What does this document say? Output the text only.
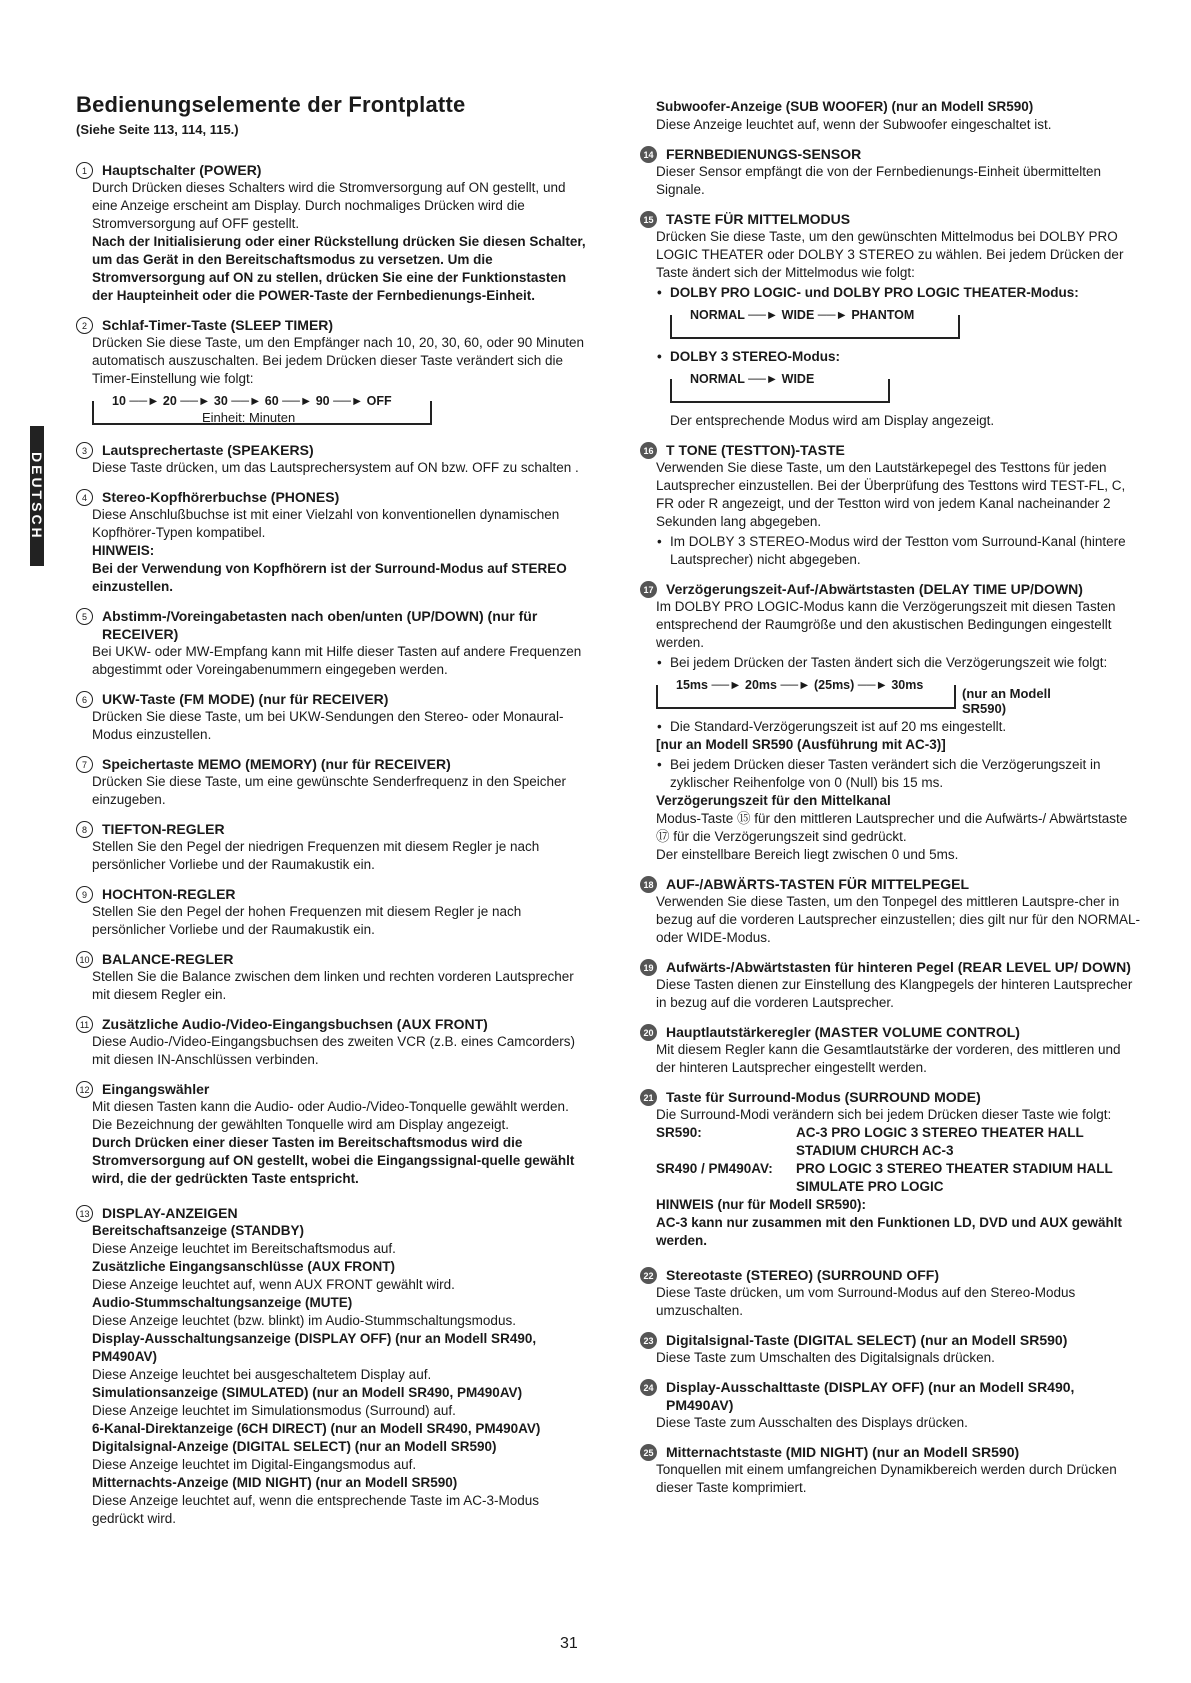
DEUTSCH
Bedienungselemente der Frontplatte

(Siehe Seite 113, 114, 115.)

1	Hauptschalter (POWER)

Durch Drücken dieses Schalters wird die Stromversorgung auf ON gestellt, und eine Anzeige erscheint am Display. Durch nochmaliges Drücken wird die Stromversorgung auf OFF gestellt.

Nach der Initialisierung oder einer Rückstellung drücken Sie diesen Schalter, um das Gerät in den Bereitschaftsmodus zu versetzen. Um die Stromversorgung auf ON zu stellen, drücken Sie eine der Funktionstasten der Haupteinheit oder die POWER-Taste der Fernbedienungs-Einheit.

2	Schlaf-Timer-Taste (SLEEP TIMER)

Drücken Sie diese Taste, um den Empfänger nach 10, 20, 30, 60, oder 90 Minuten automatisch auszuschalten. Bei jedem Drücken dieser Taste verändert sich die Timer-Einstellung wie folgt:

10 ──► 20 ──► 30 ──► 60 ──► 90 ──► OFF
Einheit: Minuten
3	Lautsprechertaste (SPEAKERS)

Diese Taste drücken, um das Lautsprechersystem auf ON bzw. OFF zu schalten .

4	Stereo-Kopfhörerbuchse (PHONES)

Diese Anschlußbuchse ist mit einer Vielzahl von konventionellen dynamischen Kopfhörer-Typen kompatibel.

HINWEIS:

Bei der Verwendung von Kopfhörern ist der Surround-Modus auf STEREO einzustellen.

5	Abstimm-/Voreingabetasten nach oben/unten (UP/DOWN) (nur für RECEIVER)

Bei UKW- oder MW-Empfang kann mit Hilfe dieser Tasten auf andere Frequenzen abgestimmt oder Voreingabenummern eingegeben werden.

6	UKW-Taste (FM MODE) (nur für RECEIVER)

Drücken Sie diese Taste, um bei UKW-Sendungen den Stereo- oder Monaural-Modus einzustellen.

7	Speichertaste MEMO (MEMORY) (nur für RECEIVER)

Drücken Sie diese Taste, um eine gewünschte Senderfrequenz in den Speicher einzugeben.

8	TIEFTON-REGLER

Stellen Sie den Pegel der niedrigen Frequenzen mit diesem Regler je nach persönlicher Vorliebe und der Raumakustik ein.

9	HOCHTON-REGLER

Stellen Sie den Pegel der hohen Frequenzen mit diesem Regler je nach persönlicher Vorliebe und der Raumakustik ein.

10 BALANCE-REGLER

Stellen Sie die Balance zwischen dem linken und rechten vorderen Lautsprecher mit diesem Regler ein.

11 Zusätzliche Audio-/Video-Eingangsbuchsen (AUX FRONT)

Diese Audio-/Video-Eingangsbuchsen des zweiten VCR (z.B. eines Camcorders) mit diesen IN-Anschlüssen verbinden.

12 Eingangswähler

Mit diesen Tasten kann die Audio- oder Audio-/Video-Tonquelle gewählt werden. Die Bezeichnung der gewählten Tonquelle wird am Display angezeigt.

Durch Drücken einer dieser Tasten im Bereitschaftsmodus wird die Stromversorgung auf ON gestellt, wobei die Eingangssignal-quelle gewählt wird, die der gedrückten Taste entspricht.

13 DISPLAY-ANZEIGEN

Bereitschaftsanzeige (STANDBY)

Diese Anzeige leuchtet im Bereitschaftsmodus auf.

Zusätzliche Eingangsanschlüsse (AUX FRONT)

Diese Anzeige leuchtet auf, wenn AUX FRONT gewählt wird.

Audio-Stummschaltungsanzeige (MUTE)

Diese Anzeige leuchtet (bzw. blinkt) im Audio-Stummschaltungsmodus.

Display-Ausschaltungsanzeige (DISPLAY OFF) (nur an Modell SR490, PM490AV)

Diese Anzeige leuchtet bei ausgeschaltetem Display auf.

Simulationsanzeige (SIMULATED) (nur an Modell SR490, PM490AV)

Diese Anzeige leuchtet im Simulationsmodus (Surround) auf.

6-Kanal-Direktanzeige (6CH DIRECT) (nur an Modell SR490, PM490AV)

Digitalsignal-Anzeige (DIGITAL SELECT) (nur an Modell SR590)

Diese Anzeige leuchtet im Digital-Eingangsmodus auf.

Mitternachts-Anzeige (MID NIGHT) (nur an Modell SR590)

Diese Anzeige leuchtet auf, wenn die entsprechende Taste im AC-3-Modus gedrückt wird.

Subwoofer-Anzeige (SUB WOOFER) (nur an Modell SR590)

Diese Anzeige leuchtet auf, wenn der Subwoofer eingeschaltet ist.

14 FERNBEDIENUNGS-SENSOR

Dieser Sensor empfängt die von der Fernbedienungs-Einheit übermittelten Signale.

15 TASTE FÜR MITTELMODUS

Drücken Sie diese Taste, um den gewünschten Mittelmodus bei DOLBY PRO LOGIC THEATER oder DOLBY 3 STEREO zu wählen. Bei jedem Drücken der Taste ändert sich der Mittelmodus wie folgt:

• DOLBY PRO LOGIC- und DOLBY PRO LOGIC THEATER-Modus:

NORMAL ──► WIDE ──► PHANTOM

• DOLBY 3 STEREO-Modus:

NORMAL ──► WIDE

Der entsprechende Modus wird am Display angezeigt.

16 T TONE (TESTTON)-TASTE

Verwenden Sie diese Taste, um den Lautstärkepegel des Testtons für jeden Lautsprecher einzustellen. Bei der Überprüfung des Testtons wird TEST-FL, C, FR oder R angezeigt, und der Testton wird von jedem Kanal nacheinander 2 Sekunden lang abgegeben.

• Im DOLBY 3 STEREO-Modus wird der Testton vom Surround-Kanal (hintere Lautsprecher) nicht abgegeben.

17 Verzögerungszeit-Auf-/Abwärtstasten (DELAY TIME UP/DOWN)

Im DOLBY PRO LOGIC-Modus kann die Verzögerungszeit mit diesen Tasten entsprechend der Raumgröße und den akustischen Bedingungen eingestellt werden.

• Bei jedem Drücken der Tasten ändert sich die Verzögerungszeit wie folgt:

15ms ──► 20ms ──► (25ms) ──► 30ms
(nur an Modell SR590)

• Die Standard-Verzögerungszeit ist auf 20 ms eingestellt.

[nur an Modell SR590 (Ausführung mit AC-3)]

• Bei jedem Drücken dieser Tasten verändert sich die Verzögerungszeit in zyklischer Reihenfolge von 0 (Null) bis 15 ms.

Verzögerungszeit für den Mittelkanal

Modus-Taste ⑮ für den mittleren Lautsprecher und die Aufwärts-/ Abwärtstaste ⑰ für die Verzögerungszeit sind gedrückt.

Der einstellbare Bereich liegt zwischen 0 und 5ms.

18 AUF-/ABWÄRTS-TASTEN FÜR MITTELPEGEL

Verwenden Sie diese Tasten, um den Tonpegel des mittleren Lautspre-cher in bezug auf die vorderen Lautsprecher einzustellen; dies gilt nur für den NORMAL- oder WIDE-Modus.

19 Aufwärts-/Abwärtstasten für hinteren Pegel (REAR LEVEL UP/ DOWN)

Diese Tasten dienen zur Einstellung des Klangpegels der hinteren Lautsprecher in bezug auf die vorderen Lautsprecher.

20 Hauptlautstärkeregler (MASTER VOLUME CONTROL)

Mit diesem Regler kann die Gesamtlautstärke der vorderen, des mittleren und der hinteren Lautsprecher eingestellt werden.

21 Taste für Surround-Modus (SURROUND MODE)

Die Surround-Modi verändern sich bei jedem Drücken dieser Taste wie folgt:

SR590:	AC-3 PRO LOGIC 3 STEREO THEATER HALL STADIUM CHURCH AC-3
SR490 / PM490AV:	PRO LOGIC 3 STEREO THEATER STADIUM HALL SIMULATE PRO LOGIC

HINWEIS (nur für Modell SR590):

AC-3 kann nur zusammen mit den Funktionen LD, DVD und AUX gewählt werden.

22 Stereotaste (STEREO) (SURROUND OFF)

Diese Taste drücken, um vom Surround-Modus auf den Stereo-Modus umzuschalten.

23 Digitalsignal-Taste (DIGITAL SELECT) (nur an Modell SR590)

Diese Taste zum Umschalten des Digitalsignals drücken.

24 Display-Ausschalttaste (DISPLAY OFF) (nur an Modell SR490, PM490AV)

Diese Taste zum Ausschalten des Displays drücken.

25 Mitternachtstaste (MID NIGHT) (nur an Modell SR590)

Tonquellen mit einem umfangreichen Dynamikbereich werden durch Drücken dieser Taste komprimiert.

31
